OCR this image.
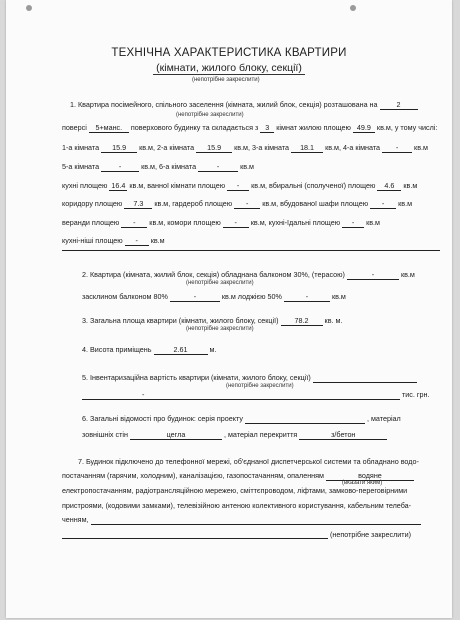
ТЕХНІЧНА ХАРАКТЕРИСТИКА КВАРТИРИ
(кімнати, жилого блоку, секції)
(непотрібне закреслити)
1. Квартира посімейного, спільного заселення (кімната, жилий блок, секція) розташована на	2
(непотрібне закреслити)
поверсі 5+манс. поверхового будинку та складається з 3 кімнат жилою площею 49.9 кв.м, у тому числі:
1-а кімната 15.9 кв.м, 2-а кімната 15.9 кв.м, 3-а кімната 18.1 кв.м, 4-а кімната - кв.м
5-а кімната	-	кв.м, 6-а кімната	-	кв.м
кухні площею 16.4 кв.м, ванної кімнати площею - кв.м, вбиральні (сполученої) площею 4.6 кв.м
коридору площею 7.3 кв.м, гардероб площею - кв.м, вбудованої шафи площею - кв.м
веранди площею - кв.м, комори площею - кв.м, кухні-їдальні площею - кв.м
кухні-ніші площею - кв.м
2. Квартира (кімната, жилий блок, секція) обладнана балконом 30%, (терасою)	-	кв.м
(непотрібне закреслити)
засклином балконом 80%	-	кв.м лоджією 50%	-	кв.м
3. Загальна площа квартири (кімнати, жилого блоку, секції) 78.2 кв. м.
(непотрібне закреслити)
4. Висота приміщень	2.61	м.
5. Інвентаризаційна вартість квартири (кімнати, жилого блоку, секції)
(непотрібне закреслити)
-	тис. грн.
6. Загальні відомості про будинок: серія проекту	, матеріал
зовнішніх стін	цегла	, матеріал перекриття	з/бетон
7. Будинок підключено до телефонної мережі, об'єднаної диспетчерської системи та обладнано водо-
постачанням (гарячим, холодним), каналізацією, газопостачанням, опаленням	водяне
(вказати яким)
електропостачанням, радіотрансляційною мережею, сміттєпроводом, ліфтами, замково-переговірними
пристроями, (кодовими замками), телевізійною антеною колективного користування, кабельним телеба-
ченням,
(непотрібне закреслити)
